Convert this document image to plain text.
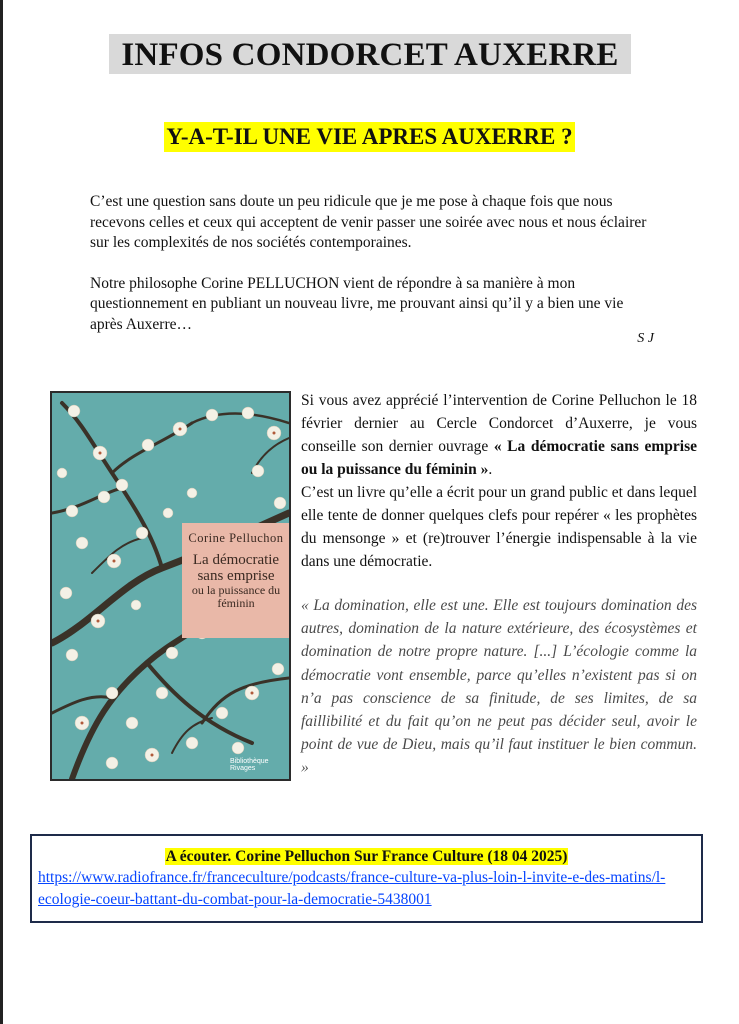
INFOS CONDORCET AUXERRE
Y-A-T-IL UNE VIE APRES AUXERRE ?

C’est une question sans doute un peu ridicule que je me pose à chaque fois que nous recevons celles et ceux qui acceptent de venir passer une soirée avec nous et nous éclairer sur les complexités de nos sociétés contemporaines.

Notre philosophe Corine PELLUCHON vient de répondre à sa manière à mon questionnement en publiant un nouveau livre, me prouvant ainsi qu’il y a bien une vie après Auxerre…

S J
Corine Pelluchon
La démocratie sans emprise
ou la puissance du féminin
Bibliothèque Rivages

Si vous avez apprécié l’intervention de Corine Pelluchon le 18 février dernier au Cercle Condorcet d’Auxerre, je vous conseille son dernier ouvrage « La démocratie sans emprise ou la puissance du féminin ».

C’est un livre qu’elle a écrit pour un grand public et dans lequel elle tente de donner quelques clefs pour repérer « les prophètes du mensonge » et (re)trouver l’énergie indispensable à la vie dans une démocratie.

« La domination, elle est une. Elle est toujours domination des autres, domination de la nature extérieure, des écosystèmes et domination de notre propre nature. [...] L’écologie comme la démocratie vont ensemble, parce qu’elles n’existent pas si on n’a pas conscience de sa finitude, de ses limites, de sa faillibilité et du fait qu’on ne peut pas décider seul, avoir le point de vue de Dieu, mais qu’il faut instituer le bien commun. »

A écouter. Corine Pelluchon Sur France Culture (18 04 2025)
https://www.radiofrance.fr/franceculture/podcasts/france-culture-va-plus-loin-l-invite-e-des-matins/l-ecologie-coeur-battant-du-combat-pour-la-democratie-5438001
